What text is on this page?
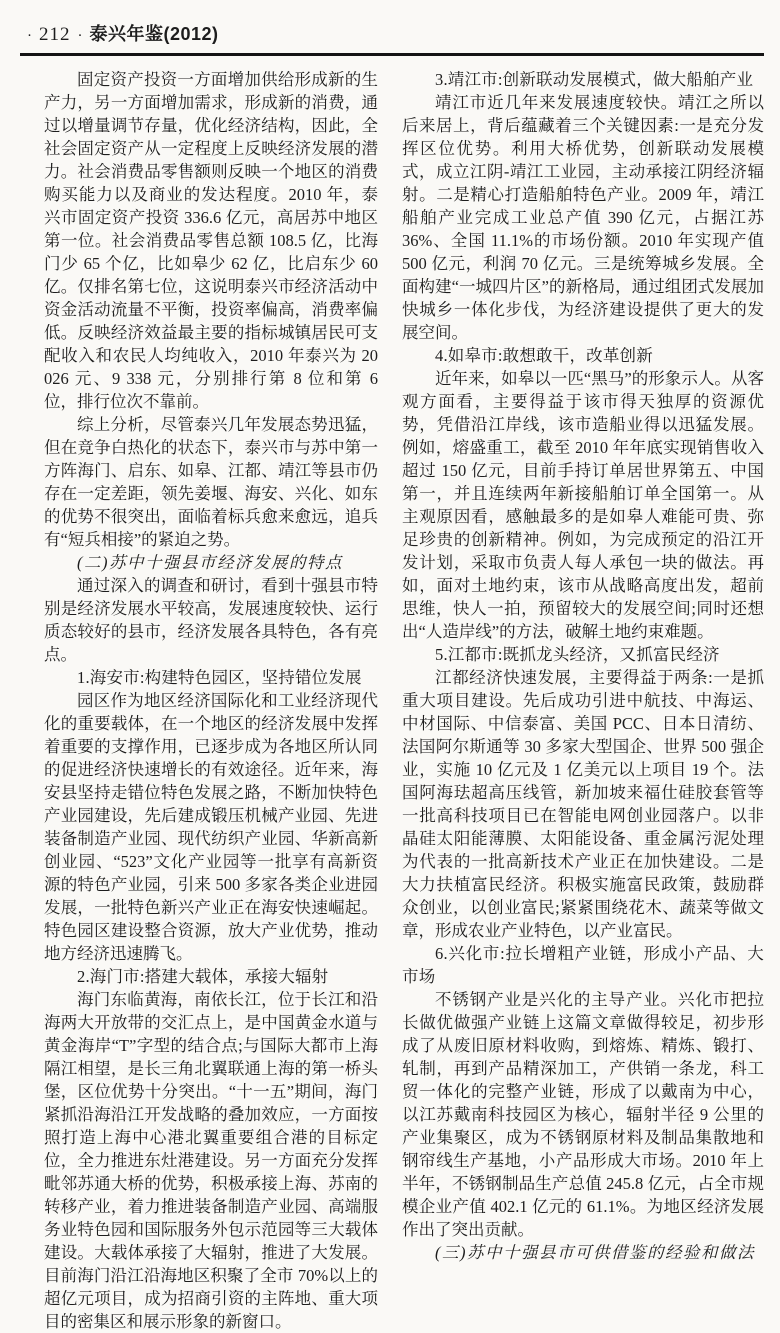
· 212 · 泰兴年鉴(2012)

固定资产投资一方面增加供给形成新的生产力，另一方面增加需求，形成新的消费，通过以增量调节存量，优化经济结构，因此，全社会固定资产从一定程度上反映经济发展的潜力。社会消费品零售额则反映一个地区的消费购买能力以及商业的发达程度。2010 年，泰兴市固定资产投资 336.6 亿元，高居苏中地区第一位。社会消费品零售总额 108.5 亿，比海门少 65 个亿，比如皋少 62 亿，比启东少 60 亿。仅排名第七位，这说明泰兴市经济活动中资金活动流量不平衡，投资率偏高，消费率偏低。反映经济效益最主要的指标城镇居民可支配收入和农民人均纯收入，2010 年泰兴为 20 026 元、9 338 元，分别排行第 8 位和第 6 位，排行位次不靠前。

综上分析，尽管泰兴几年发展态势迅猛，但在竞争白热化的状态下，泰兴市与苏中第一方阵海门、启东、如皋、江都、靖江等县市仍存在一定差距，领先姜堰、海安、兴化、如东的优势不很突出，面临着标兵愈来愈远，追兵有“短兵相接”的紧迫之势。

(二)苏中十强县市经济发展的特点

通过深入的调查和研讨，看到十强县市特别是经济发展水平较高，发展速度较快、运行质态较好的县市，经济发展各具特色，各有亮点。

1.海安市:构建特色园区，坚持错位发展

园区作为地区经济国际化和工业经济现代化的重要载体，在一个地区的经济发展中发挥着重要的支撑作用，已逐步成为各地区所认同的促进经济快速增长的有效途径。近年来，海安县坚持走错位特色发展之路，不断加快特色产业园建设，先后建成锻压机械产业园、先进装备制造产业园、现代纺织产业园、华新高新创业园、“523”文化产业园等一批享有高新资源的特色产业园，引来 500 多家各类企业进园发展，一批特色新兴产业正在海安快速崛起。特色园区建设整合资源，放大产业优势，推动地方经济迅速腾飞。

2.海门市:搭建大载体，承接大辐射

海门东临黄海，南依长江，位于长江和沿海两大开放带的交汇点上，是中国黄金水道与黄金海岸“T”字型的结合点;与国际大都市上海隔江相望，是长三角北翼联通上海的第一桥头堡，区位优势十分突出。“十一五”期间，海门紧抓沿海沿江开发战略的叠加效应，一方面按照打造上海中心港北翼重要组合港的目标定位，全力推进东灶港建设。另一方面充分发挥毗邻苏通大桥的优势，积极承接上海、苏南的转移产业，着力推进装备制造产业园、高端服务业特色园和国际服务外包示范园等三大载体建设。大载体承接了大辐射，推进了大发展。目前海门沿江沿海地区积聚了全市 70%以上的超亿元项目，成为招商引资的主阵地、重大项目的密集区和展示形象的新窗口。

3.靖江市:创新联动发展模式，做大船舶产业

靖江市近几年来发展速度较快。靖江之所以后来居上，背后蕴藏着三个关键因素:一是充分发挥区位优势。利用大桥优势，创新联动发展模式，成立江阴-靖江工业园，主动承接江阴经济辐射。二是精心打造船舶特色产业。2009 年，靖江船舶产业完成工业总产值 390 亿元，占据江苏 36%、全国 11.1%的市场份额。2010 年实现产值 500 亿元，利润 70 亿元。三是统筹城乡发展。全面构建“一城四片区”的新格局，通过组团式发展加快城乡一体化步伐，为经济建设提供了更大的发展空间。

4.如皋市:敢想敢干，改革创新

近年来，如皋以一匹“黑马”的形象示人。从客观方面看，主要得益于该市得天独厚的资源优势，凭借沿江岸线，该市造船业得以迅猛发展。例如，熔盛重工，截至 2010 年年底实现销售收入超过 150 亿元，目前手持订单居世界第五、中国第一，并且连续两年新接船舶订单全国第一。从主观原因看，感触最多的是如皋人难能可贵、弥足珍贵的创新精神。例如，为完成预定的沿江开发计划，采取市负责人每人承包一块的做法。再如，面对土地约束，该市从战略高度出发，超前思维，快人一拍，预留较大的发展空间;同时还想出“人造岸线”的方法，破解土地约束难题。

5.江都市:既抓龙头经济，又抓富民经济

江都经济快速发展，主要得益于两条:一是抓重大项目建设。先后成功引进中航技、中海运、中材国际、中信泰富、美国 PCC、日本日清纺、法国阿尔斯通等 30 多家大型国企、世界 500 强企业，实施 10 亿元及 1 亿美元以上项目 19 个。法国阿海珐超高压线管，新加坡来福仕硅胶套管等一批高科技项目已在智能电网创业园落户。以非晶硅太阳能薄膜、太阳能设备、重金属污泥处理为代表的一批高新技术产业正在加快建设。二是大力扶植富民经济。积极实施富民政策，鼓励群众创业，以创业富民;紧紧围绕花木、蔬菜等做文章，形成农业产业特色，以产业富民。

6.兴化市:拉长增粗产业链，形成小产品、大市场

不锈钢产业是兴化的主导产业。兴化市把拉长做优做强产业链上这篇文章做得较足，初步形成了从废旧原材料收购，到熔炼、精炼、锻打、轧制，再到产品精深加工，产供销一条龙，科工贸一体化的完整产业链，形成了以戴南为中心，以江苏戴南科技园区为核心，辐射半径 9 公里的产业集聚区，成为不锈钢原材料及制品集散地和钢帘线生产基地，小产品形成大市场。2010 年上半年，不锈钢制品生产总值 245.8 亿元，占全市规模企业产值 402.1 亿元的 61.1%。为地区经济发展作出了突出贡献。

(三)苏中十强县市可供借鉴的经验和做法
